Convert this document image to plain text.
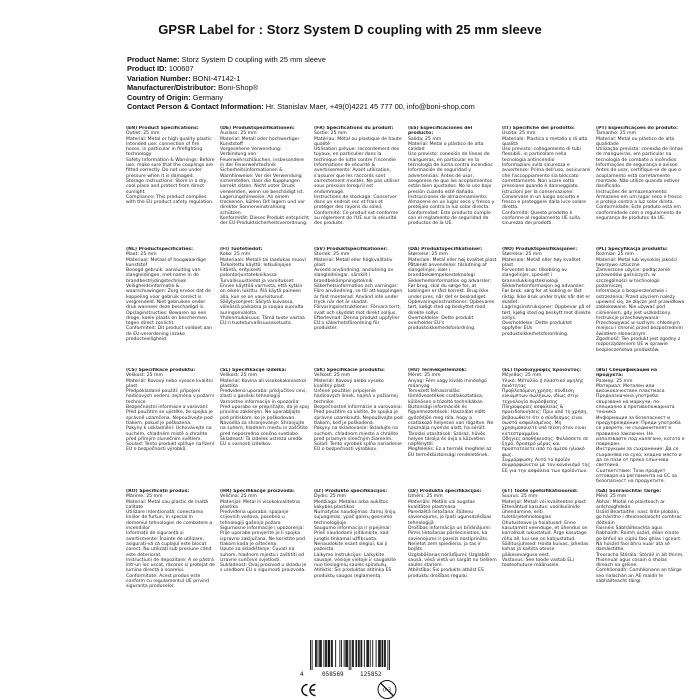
GPSR Label for : Storz System D coupling with 25 mm sleeve
Product Name: Storz System D coupling with 25 mm sleeve
Product ID: 100607
Variation Number: BONI-47142-1
Manufacturer/Distributor: Boni-Shop®
Country of Origin: Germany
Contact Person & Contact Information: Hr. Stanislav Maer, +49(0)4221 45 777 00, info@boni-shop.com

(EN) Product Specifications:

Outlet: 25 mm

Material: Metal or high quality plastic

Intended use: connection of fire hoses, in particular in firefighting technology

Safety Information & Warnings: Before use, make sure that the couplings are fitted correctly. Do not use under pressure when it is damaged.

Storage instructions: Store in a dry, cool place and protect from direct sunlight.

Compliance: This product complies with the EU product safety regulation.

(DE) Produktspezifikationen:

Auslass: 25 mm

Material: Metall oder hochwertiger Kunststoff

Vorgesehene Verwendung: Verbindung von Feuerwehrschläuchen, insbesondere in der Feuerwehrtechnik

Sicherheitsinformationen & Warnhinweise: Vor der Verwendung sicherstellen, dass die Kupplungen korrekt sitzen. Nicht unter Druck verwenden, wenn sie beschädigt ist.

Lagerungshinweise: An einem trockenen, kühlen Ort lagern und vor direkter Sonneneinstrahlung schützen.

Konformität: Dieses Produkt entspricht der EU-Produktsicherheitsverordnung.

(FR) Spécifications du produit:

Sortie: 25 mm

Matériau: Métal ou plastique de haute qualité

Utilisation prévue: raccordement des tuyaux, en particulier dans la technique de lutte contre l'incendie

Informations de sécurité & avertissements: Avant utilisation, s'assurer que les raccords sont correctement montés. Ne pas utiliser sous pression lorsqu'il est endommagé.

Instructions de stockage: Conserver dans un endroit sec et frais et protéger des rayons du soleil.

Conformité: Ce produit est conforme au règlement de l'UE sur la sécurité des produits.

(ES) Especificaciones del producto:

Salida: 25 mm

Material: Metal o plástico de alta calidad

Uso previsto: conexión de líneas de mangueras, en particular en la tecnología de lucha contra incendios

Información de seguridad y advertencias: Antes de usar, asegúrese de que los acoplamientos están bien ajustados. No lo use bajo presión cuando esté dañado.

Instrucciones de almacenamiento: Almacene en un lugar seco y fresco y protéjalo contra la luz solar directa.

Conformidad: Este producto cumple con el reglamento de seguridad de productos de la UE.

(IT) Specifiche del prodotto:

Uscita: 25 mm

Materiale: Plastica o metallo o di alta qualità

Uso previsto: collegamento di tubi flessibili, in particolare nella tecnologia antincendio

Informazioni sulla sicurezza e avvertenze: Prima dell'uso, assicurarsi che l'accoppiamento sia bloccato correttamente. Non usare sotto pressione quando è danneggiato.

Istruzioni per la conservazione: Conservare in un luogo asciutto e fresco e proteggere dalla luce solare diretta.

Conformità: Questo prodotto è conforme al regolamento UE sulla sicurezza dei prodotti.

(PT) Especificações do produto:

Tamanho: 25 mm

Material: Metal ou plástico de alta qualidade

Utilização prevista: conexão de linhas de mangueiras, em particular na tecnologia de combate a incêndios

Informações de segurança e avisos: Antes de usar, certifique-se de que o acoplamento está corretamente montado. Não utilize quando estiver danificado.

Instruções de armazenamento: Armazene em um lugar seco e fresco e proteja contra a luz solar direta.

Conformidade: Este produto está em conformidade com o regulamento de segurança de produtos da UE.

(NL) Productspecificaties:

Maat: 25 mm

Materiaal: Metaal of hoogwaardige kunststof

Beoogd gebruik: aansluiting van slangleidingen, met name in de brandbestrijdingstechniek

Veiligheidsinformatie & waarschuwingen: Zorg ervoor dat de koppeling voor gebruik correct is vergrendeld. Niet gebruiken onder druk wanneer deze beschadigd is.

Opslaginstructies: Bewaren op een droge, koele plaats en beschermen tegen direct zonlicht.

Conformiteit: Dit product voldoet aan de EU-verordening inzake productveiligheid.

(FI) Tuotetiedot:

Koko: 25 mm

Materiaali: Metalli tai laadukas muovi

Tarkoitettu käyttö: letkulinjojen liitäntä, erityisesti palontorjuntatekniikassa

Turvallisuustiedot ja varoitukset: Ennen käyttöä varmista, että kytkin on oikein lukittu. Älä käytä paineen alla, kun se on vaurioitunut.

Säilytysohjeet: Säilytä kuivassa, viileässä paikassa ja suojaa suoralta auringonvalolta.

Yhdenmukaisuus: Tämä tuote vastaa EU:n tuoteturvallisuusasetusta.

(SV) Produktspecifikationer:

Storlek: 25 mm

Material: Metall eller högkvalitativ plast

Avsedd användning: anslutning av slangledningar, särskilt i brandbekämpningsteknik

Säkerhetsinformation och varningar: Före användning, se till att kopplingen är fast monterad. Använd inte under tryck när det är skadat.

Förvaringsinstruktioner: Förvara torrt, svalt och skyddat mot direkt solljus.

Efterlevnad: Denna produkt uppfyller EU:s säkerhetsförordning för produkter.

(DA) Produktspecifikationer:

Størrelse: 25 mm

Materiale: Metal eller høj kvalitet plast

Påtænkt anvendelse: tilslutning af slangelinjer, især i brandbekæmpelsesteknologi

Sikkerhedsinformation og advarsler: Før brug, skal du sørge for, at koblingen er låst korrekt. Brug ikke under pres, når det er beskadiget.

Opbevaringsinstruktioner: Opbevares tørt, køligt sted og beskyttet mod direkte sollys.

Overholdelse: Dette produkt overholder EU's produktsikkerhedsforordning.

(NO) Produktspesifikasjoner:

Størrelse: 25 mm

Materiale: Metall eller høy kvalitet plast

Forventet bruk: tilkobling av slangelinjer, spesielt i brannslukkingsteknologi

Sikkerhetsinformasjon og advarsler: Før bruk, sørg for at kobling er låst riktig. Ikke bruk under trykk når det er skadet.

Lagringsinstruksjoner: Oppbevar på et tørt, kjølig sted og beskytt mot direkte sollys.

Overholdelse: Dette produktet oppfyller EUs produktsikkerhetsforordning.

(PL) Specyfikacja produktu:

Rozmiar: 25 mm

Materiał: Metal lub wysokiej jakości tworzywo sztuczne

Zamierzone użycie: podłączenie przewodów gaśniczych, w szczególności w technologii pożarniczej

Informacje o bezpieczeństwie i ostrzeżenia: Przed użyciem należy upewnić się, że złącze jest prawidłowo zablokowane. Nie używać pod ciśnieniem, gdy jest uszkodzony.

Instrukcje przechowywania: Przechowywać w suchym, chłodnym miejscu i chronić przed bezpośrednim światłem słonecznym.

Zgodność: Ten produkt jest zgodny z rozporządzeniem UE w sprawie bezpieczeństwa produktów.

(CS) Specifikace produktu:

Velikost: 25 mm

Materiál: Kovový nebo vysoce kvalitní plast

Předpokládané použití: připojení hadicových vedení, zejména v požární technice

Bezpečnostní informace a varování: Před použitím se ujistěte, že spojka je správně uzamčena. Nepoužívejte pod tlakem, pokud je poškozena.

Pokyny k uskladnění: Uchovávejte na suchém, chladném místě a chraňte před přímým slunečním světlem.

Soulad: Tento produkt splňuje nařízení EU o bezpečnosti výrobků.

(SL) Specifikacije izdelka:

Velikost: 25 mm

Material: Kovina ali visokokakovostna plastika

Predvidena uporaba: priključitev cevi, zlasti v gasilski tehnologiji

Varnostne informacije in opozorila: Pred uporabo se prepričajte, da je spoj pravilno zaklenjen. Ne uporabljajte pod pritiskom, ko je poškodovan.

Navodila za shranjevanje: Shranjujte na suhem, hladnem mestu in zaščitite pred neposredno sončno svetlobo.

Skladnost: Ta izdelek ustreza uredbi EU o varnosti izdelkov.

(SK) Špecifikácie produktu:

Veľkosť: 25 mm

Materiál: Kovový alebo vysoko kvalitný plast

Určené použitie: pripojenie hadicových liniek, najmä v požiarnej technike

Bezpečnostné informácie a varovania: Pred použitím sa uistite, že spojka je správne uzamknutá. Nepoužívajte pod tlakom, keď je poškodená.

Pokyny na skladovanie: Skladujte na suchom, chladnom mieste a chráňte pred priamym slnečným žiarením.

Súlad: Tento výrobok spĺňa nariadenie EÚ o bezpečnosti výrobkov.

(HU) Termékjellemzők:

Méret: 25 mm

Anyag: Fém vagy kiváló minőségű műanyag

Tervezett felhasználás: tömlővezetékek csatlakoztatása, különösen a tűzoltó technikában

Biztonsági információk és figyelmeztetések: Használat előtt győződjön meg róla, hogy a csatlakozó helyesen van rögzítve. Ne használja nyomás alatt, ha sérült.

Tárolási utasítások: Száraz, hűvös helyen tárolja és óvja a közvetlen napfénytől.

Megfelelés: Ez a termék megfelel az EU termékbiztonsági rendeletének.

(EL) Προδιαγραφές προϊόντος:

Μέγεθος: 25 mm

Υλικό: Μέταλλο ή πλαστικό υψηλής ποιότητας

Προβλεπόμενη χρήση: σύνδεση εύκαμπτων σωλήνων, ιδίως στην τεχνολογία πυρόσβεσης

Πληροφορίες ασφαλείας & προειδοποιήσεις: Πριν από τη χρήση, βεβαιωθείτε ότι ο σύνδεσμος είναι σωστά ασφαλισμένος. Μη χρησιμοποιείτε υπό πίεση όταν είναι κατεστραμμένο.

Οδηγίες αποθήκευσης: Φυλάσσετε σε ξηρό, δροσερό μέρος και προστατεύετε από το άμεσο ηλιακό φως.

Συμμόρφωση: Αυτό το προϊόν συμμορφώνεται με τον κανονισμό της ΕΕ για την ασφάλεια των προϊόντων.

(BG) Спецификации на продукта:

Размер: 25 mm

Материал: Метален или висококачествен пластмаса

Предназначена употреба: свързване на маркучи, по-специално в противопожарната техника

Информация за безопасност и предупреждения: Преди употреба се уверете, че съединителят е правилно заключен. Не използвайте под налягане, когато е повреден.

Инструкции за съхранение: Да се съхранява на сухо, хладно място и да се пази от пряка слънчева светлина.

Съответствие: Този продукт отговаря на регламента на ЕС за безопасност на продуктите.

(RO) Specificații produs:

Mărime: 25 mm

Material: Metal sau plastic de înaltă calitate

Utilizare intenționată: conectarea liniilor de furtun, în special în domeniul tehnologiei de combatere a incendiilor

Informații de siguranță și avertismente: Înainte de utilizare, asigurați-vă că cuplajul este blocat corect. Nu utilizați sub presiune când este deteriorat.

Instrucțiuni de depozitare: A se păstra într-un loc uscat, răcoros și protejat de lumina directă a soarelui.

Conformitate: Acest produs este conform cu regulamentul UE privind siguranța produselor.

(HR) Specifikacije proizvoda:

Veličina: 25 mm

Materijal: Metal ili visokokvalitetna plastika

Predviđena uporaba: spajanje crijevnih vodova, posebno u tehnologiji gašenja požara

Sigurnosne informacije i upozorenja: Prije uporabe provjerite je li spojka ispravno zaključana. Ne koristite pod tlakom kada je oštećena.

Upute za skladištenje: Čuvati na suhom, hladnom mjestu i zaštititi od izravne sunčeve svjetlosti.

Sukladnost: Ovaj proizvod u skladu je s uredbom EU o sigurnosti proizvoda.

(LT) Produkto specifikacijos:

Dydis: 25 mm

Medžiaga: Metalas arba aukštos kokybės plastikas

Numatytas naudojimas: žarnų linijų sujungimas, ypač gaisrų gesinimo technologijoje

Saugumo informacija ir įspėjimai: Prieš naudodami įsitikinkite, kad jungtis tinkamai užfiksuota. Nenaudokite esant slėgiui, kai ji pažeista.

Laikymo instrukcijos: Laikykite sausoje, vėsioje vietoje ir saugokite nuo tiesioginių saulės spindulių.

Atitiktis: Šis produktas atitinka ES produktų saugos reglamentą.

(LV) Produkta specifikācijas:

Izmērs: 25 mm

Materiāls: Metāls vai augstas kvalitātes plastmasa

Paredzētā lietošana: šļūteņu savienojums, jo īpaši ugunsdzēsības tehnoloģijā

Drošības informācija un brīdinājumi: Pirms lietošanas pārliecinieties, ka savienojums ir pareizi nostiprināts. Nelietot zem spiediena, ja tas ir bojāts.

Uzglabāšanas norādījumi: Uzglabāt sausā, vēsā vietā un sargāt no tiešiem saules stariem.

Atbilstība: Šis produkts atbilst ES produktu drošības regulai.

(ET) Toote spetsifikatsioonid:

Suurus: 25 mm

Materjal: Metall või kvaliteetne plast

Ettenähtud kasutus: voolikuliinide ühendamine, eriti tuletõrjetehnoloogias

Ohutusteave ja hoiatused: Enne kasutamist veenduge, et ühendus on korralikult lukustatud. Ärge kasutage rõhu all, kui see on kahjustatud.

Säilitusjuhised: Hoida kuivas, jahedas kohas ja kaitsta otsese päikesevalguse eest.

Vastavus: See toode vastab ELi tooteohutuse määrusele.

(GA) Sonraíochtaí Táirge:

Méid: 25 mm

Ábhar: Miotal nó plaisteach ar ardchaighdeán

Úsáid Beartaithe: nasc línte píobáin, go háirithe i dteicneolaíocht comhrac dóiteáin

Faisnéis Sábháilteachta agus Rabhaidh: Roimh úsáid, déan cinnte go bhfuil an cúplú faoi ghlas i gceart. Ná húsáid faoi bhrú nuair atá sé damáistithe.

Treoracha Stórála: Stóráil in áit thirim, fhionnuar agus cosain ó sholas díreach na gréine.

Comhlíonadh: Comhlíonann an táirge seo rialachán an AE maidir le sábháilteacht táirgí.

4	058569	125852
0-3
